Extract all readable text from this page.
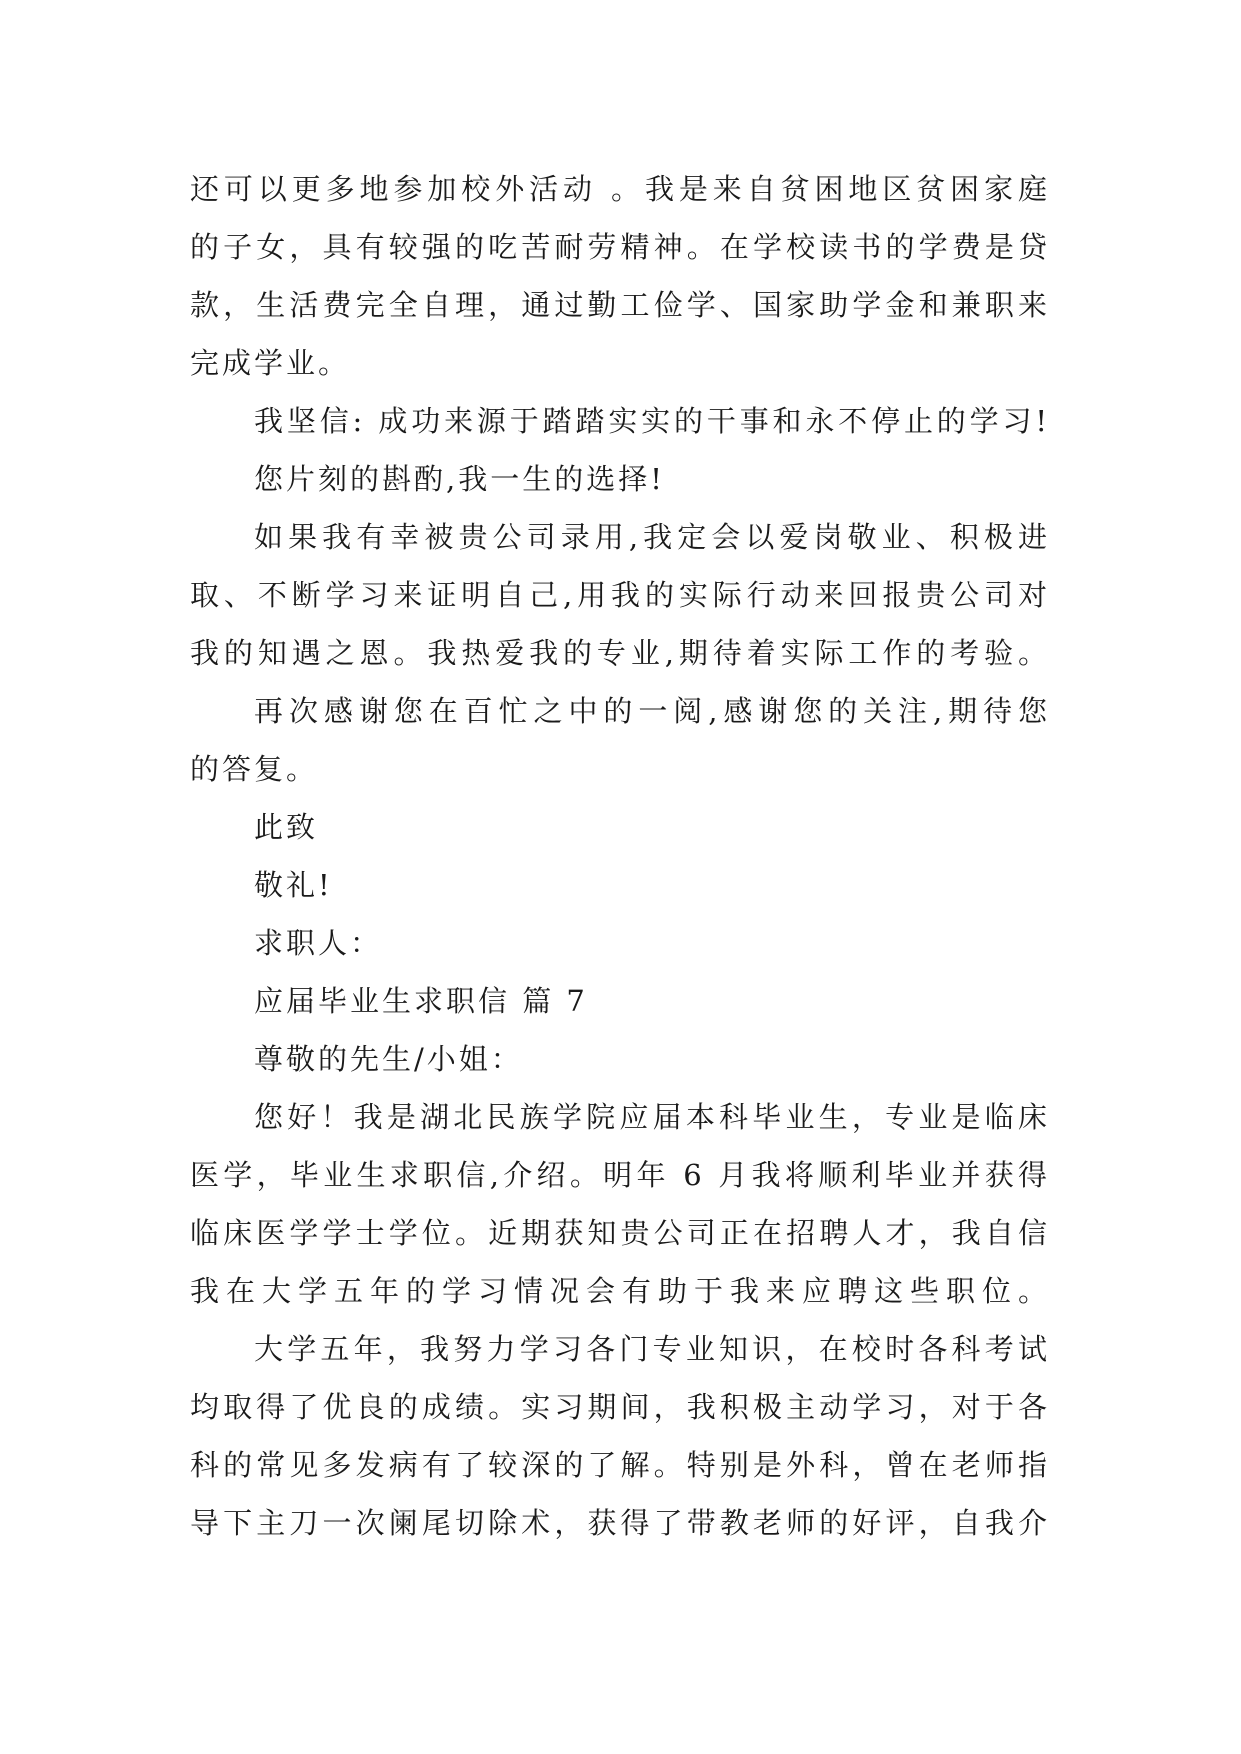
还可以更多地参加校外活动 。我是来自贫困地区贫困家庭
的子女，具有较强的吃苦耐劳精神。在学校读书的学费是贷
款，生活费完全自理，通过勤工俭学、国家助学金和兼职来
完成学业。
我坚信: 成功来源于踏踏实实的干事和永不停止的学习!
您片刻的斟酌,我一生的选择!
如果我有幸被贵公司录用,我定会以爱岗敬业、积极进
取、不断学习来证明自己,用我的实际行动来回报贵公司对
我的知遇之恩。我热爱我的专业,期待着实际工作的考验。
再次感谢您在百忙之中的一阅,感谢您的关注,期待您
的答复。
此致
敬礼!
求职人：
应届毕业生求职信 篇 7
尊敬的先生/小姐：
您好！我是湖北民族学院应届本科毕业生，专业是临床
医学，毕业生求职信,介绍。明年 6 月我将顺利毕业并获得
临床医学学士学位。近期获知贵公司正在招聘人才，我自信
我在大学五年的学习情况会有助于我来应聘这些职位。
大学五年，我努力学习各门专业知识，在校时各科考试
均取得了优良的成绩。实习期间，我积极主动学习，对于各
科的常见多发病有了较深的了解。特别是外科，曾在老师指
导下主刀一次阑尾切除术，获得了带教老师的好评，自我介
